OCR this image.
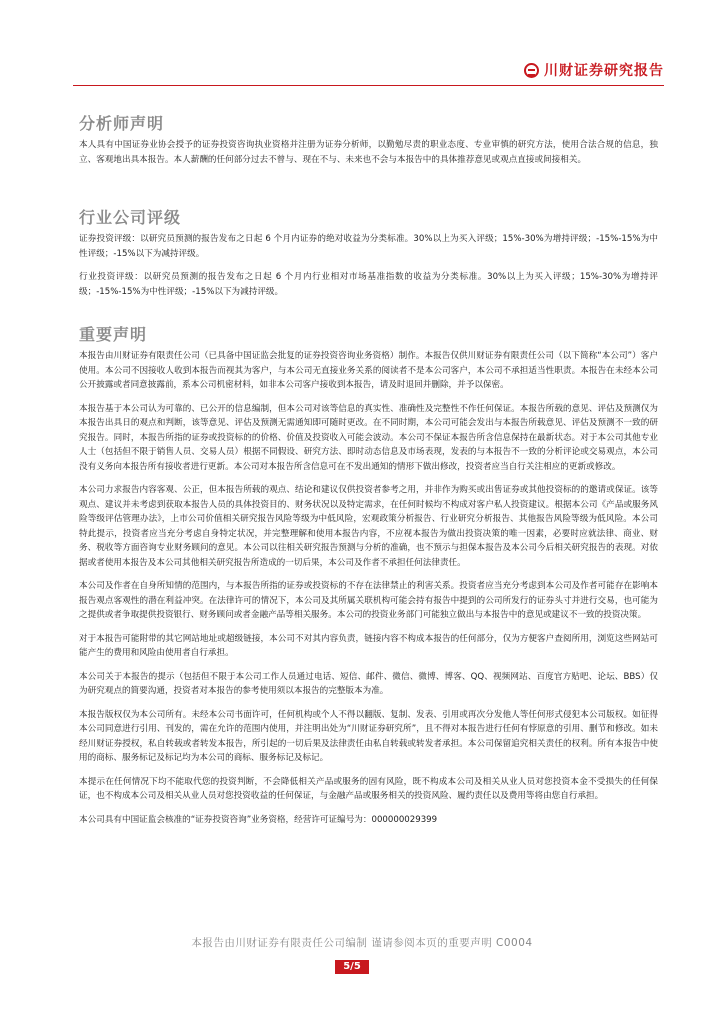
川财证券研究报告
分析师声明

本人具有中国证券业协会授予的证券投资咨询执业资格并注册为证券分析师，以勤勉尽责的职业态度、专业审慎的研究方法，使用合法合规的信息，独立、客观地出具本报告。本人薪酬的任何部分过去不曾与、现在不与、未来也不会与本报告中的具体推荐意见或观点直接或间接相关。

行业公司评级

证券投资评级：以研究员预测的报告发布之日起 6 个月内证券的绝对收益为分类标准。30%以上为买入评级；15%-30%为增持评级；-15%-15%为中性评级；-15%以下为减持评级。

行业投资评级：以研究员预测的报告发布之日起 6 个月内行业相对市场基准指数的收益为分类标准。30%以上为买入评级；15%-30%为增持评级；-15%-15%为中性评级；-15%以下为减持评级。

重要声明

本报告由川财证券有限责任公司（已具备中国证监会批复的证券投资咨询业务资格）制作。本报告仅供川财证券有限责任公司（以下简称“本公司”）客户使用。本公司不因接收人收到本报告而视其为客户，与本公司无直接业务关系的阅读者不是本公司客户，本公司不承担适当性职责。本报告在未经本公司公开披露或者同意披露前，系本公司机密材料，如非本公司客户接收到本报告，请及时退回并删除，并予以保密。

本报告基于本公司认为可靠的、已公开的信息编制，但本公司对该等信息的真实性、准确性及完整性不作任何保证。本报告所载的意见、评估及预测仅为本报告出具日的观点和判断，该等意见、评估及预测无需通知即可随时更改。在不同时期，本公司可能会发出与本报告所载意见、评估及预测不一致的研究报告。同时，本报告所指的证券或投资标的的价格、价值及投资收入可能会波动。本公司不保证本报告所含信息保持在最新状态。对于本公司其他专业人士（包括但不限于销售人员、交易人员）根据不同假设、研究方法、即时动态信息及市场表现，发表的与本报告不一致的分析评论或交易观点，本公司没有义务向本报告所有接收者进行更新。本公司对本报告所含信息可在不发出通知的情形下做出修改，投资者应当自行关注相应的更新或修改。

本公司力求报告内容客观、公正，但本报告所载的观点、结论和建议仅供投资者参考之用，并非作为购买或出售证券或其他投资标的的邀请或保证。该等观点、建议并未考虑到获取本报告人员的具体投资目的、财务状况以及特定需求，在任何时候均不构成对客户私人投资建议。根据本公司《产品或服务风险等级评估管理办法》，上市公司价值相关研究报告风险等级为中低风险，宏观政策分析报告、行业研究分析报告、其他报告风险等级为低风险。本公司特此提示，投资者应当充分考虑自身特定状况，并完整理解和使用本报告内容，不应视本报告为做出投资决策的唯一因素，必要时应就法律、商业、财务、税收等方面咨询专业财务顾问的意见。本公司以往相关研究报告预测与分析的准确，也不预示与担保本报告及本公司今后相关研究报告的表现。对依据或者使用本报告及本公司其他相关研究报告所造成的一切后果，本公司及作者不承担任何法律责任。

本公司及作者在自身所知情的范围内，与本报告所指的证券或投资标的不存在法律禁止的利害关系。投资者应当充分考虑到本公司及作者可能存在影响本报告观点客观性的潜在利益冲突。在法律许可的情况下，本公司及其所属关联机构可能会持有报告中提到的公司所发行的证券头寸并进行交易，也可能为之提供或者争取提供投资银行、财务顾问或者金融产品等相关服务。本公司的投资业务部门可能独立做出与本报告中的意见或建议不一致的投资决策。

对于本报告可能附带的其它网站地址或超级链接，本公司不对其内容负责，链接内容不构成本报告的任何部分，仅为方便客户查阅所用，浏览这些网站可能产生的费用和风险由使用者自行承担。

本公司关于本报告的提示（包括但不限于本公司工作人员通过电话、短信、邮件、微信、微博、博客、QQ、视频网站、百度官方贴吧、论坛、BBS）仅为研究观点的简要沟通，投资者对本报告的参考使用须以本报告的完整版本为准。

本报告版权仅为本公司所有。未经本公司书面许可，任何机构或个人不得以翻版、复制、发表、引用或再次分发他人等任何形式侵犯本公司版权。如征得本公司同意进行引用、刊发的，需在允许的范围内使用，并注明出处为“川财证券研究所”，且不得对本报告进行任何有悖原意的引用、删节和修改。如未经川财证券授权，私自转载或者转发本报告，所引起的一切后果及法律责任由私自转载或转发者承担。本公司保留追究相关责任的权利。所有本报告中使用的商标、服务标记及标记均为本公司的商标、服务标记及标记。

本提示在任何情况下均不能取代您的投资判断，不会降低相关产品或服务的固有风险，既不构成本公司及相关从业人员对您投资本金不受损失的任何保证，也不构成本公司及相关从业人员对您投资收益的任何保证，与金融产品或服务相关的投资风险、履约责任以及费用等将由您自行承担。

本公司具有中国证监会核准的“证券投资咨询”业务资格，经营许可证编号为：000000029399

本报告由川财证券有限责任公司编制 谨请参阅本页的重要声明 C0004
5/5
